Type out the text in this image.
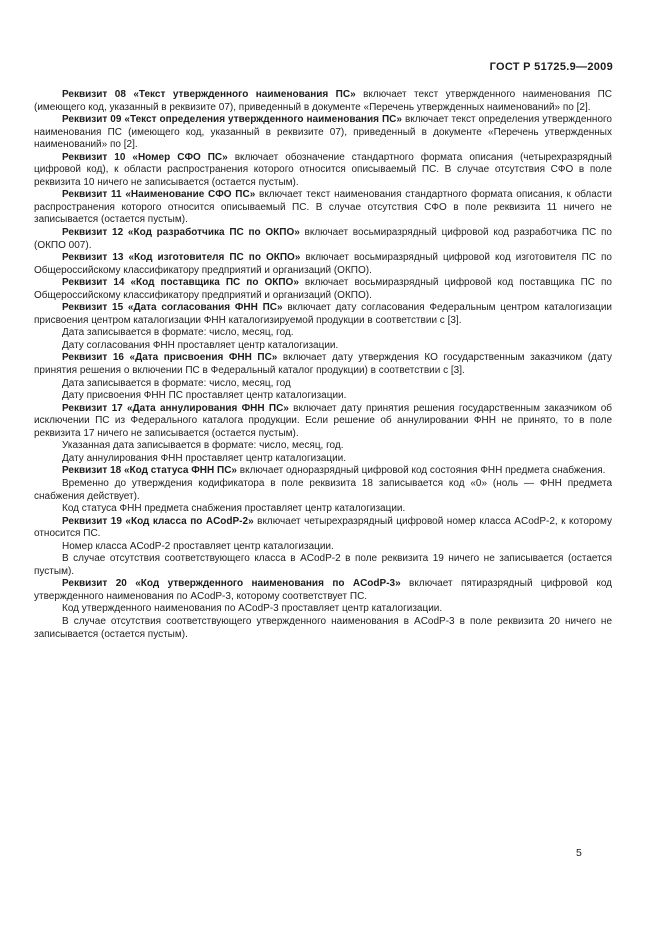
ГОСТ Р 51725.9—2009

Реквизит 08 «Текст утвержденного наименования ПС» включает текст утвержденного наименования ПС (имеющего код, указанный в реквизите 07), приведенный в документе «Перечень утвержденных наименований» по [2].

Реквизит 09 «Текст определения утвержденного наименования ПС» включает текст определения утвержденного наименования ПС (имеющего код, указанный в реквизите 07), приведенный в документе «Перечень утвержденных наименований» по [2].

Реквизит 10 «Номер СФО ПС» включает обозначение стандартного формата описания (четырехразрядный цифровой код), к области распространения которого относится описываемый ПС. В случае отсутствия СФО в поле реквизита 10 ничего не записывается (остается пустым).

Реквизит 11 «Наименование СФО ПС» включает текст наименования стандартного формата описания, к области распространения которого относится описываемый ПС. В случае отсутствия СФО в поле реквизита 11 ничего не записывается (остается пустым).

Реквизит 12 «Код разработчика ПС по ОКПО» включает восьмиразрядный цифровой код разработчика ПС по (ОКПО 007).

Реквизит 13 «Код изготовителя ПС по ОКПО» включает восьмиразрядный цифровой код изготовителя ПС по Общероссийскому классификатору предприятий и организаций (ОКПО).

Реквизит 14 «Код поставщика ПС по ОКПО» включает восьмиразрядный цифровой код поставщика ПС по Общероссийскому классификатору предприятий и организаций (ОКПО).

Реквизит 15 «Дата согласования ФНН ПС» включает дату согласования Федеральным центром каталогизации присвоения центром каталогизации ФНН каталогизируемой продукции в соответствии с [3].

Дата записывается в формате: число, месяц, год.

Дату согласования ФНН проставляет центр каталогизации.

Реквизит 16 «Дата присвоения ФНН ПС» включает дату утверждения КО государственным заказчиком (дату принятия решения о включении ПС в Федеральный каталог продукции) в соответствии с [3].

Дата записывается в формате: число, месяц, год

Дату присвоения ФНН ПС проставляет центр каталогизации.

Реквизит 17 «Дата аннулирования ФНН ПС» включает дату принятия решения государственным заказчиком об исключении ПС из Федерального каталога продукции. Если решение об аннулировании ФНН не принято, то в поле реквизита 17 ничего не записывается (остается пустым).

Указанная дата записывается в формате: число, месяц, год.

Дату аннулирования ФНН проставляет центр каталогизации.

Реквизит 18 «Код статуса ФНН ПС» включает одноразрядный цифровой код состояния ФНН предмета снабжения.

Временно до утверждения кодификатора в поле реквизита 18 записывается код «0» (ноль — ФНН предмета снабжения действует).

Код статуса ФНН предмета снабжения проставляет центр каталогизации.

Реквизит 19 «Код класса по ACodP-2» включает четырехразрядный цифровой номер класса ACodP-2, к которому относится ПС.

Номер класса ACodP-2 проставляет центр каталогизации.

В случае отсутствия соответствующего класса в ACodP-2 в поле реквизита 19 ничего не записывается (остается пустым).

Реквизит 20 «Код утвержденного наименования по ACodP-3» включает пятиразрядный цифровой код утвержденного наименования по ACodP-3, которому соответствует ПС.

Код утвержденного наименования по ACodP-3 проставляет центр каталогизации.

В случае отсутствия соответствующего утвержденного наименования в ACodP-3 в поле реквизита 20 ничего не записывается (остается пустым).

5
